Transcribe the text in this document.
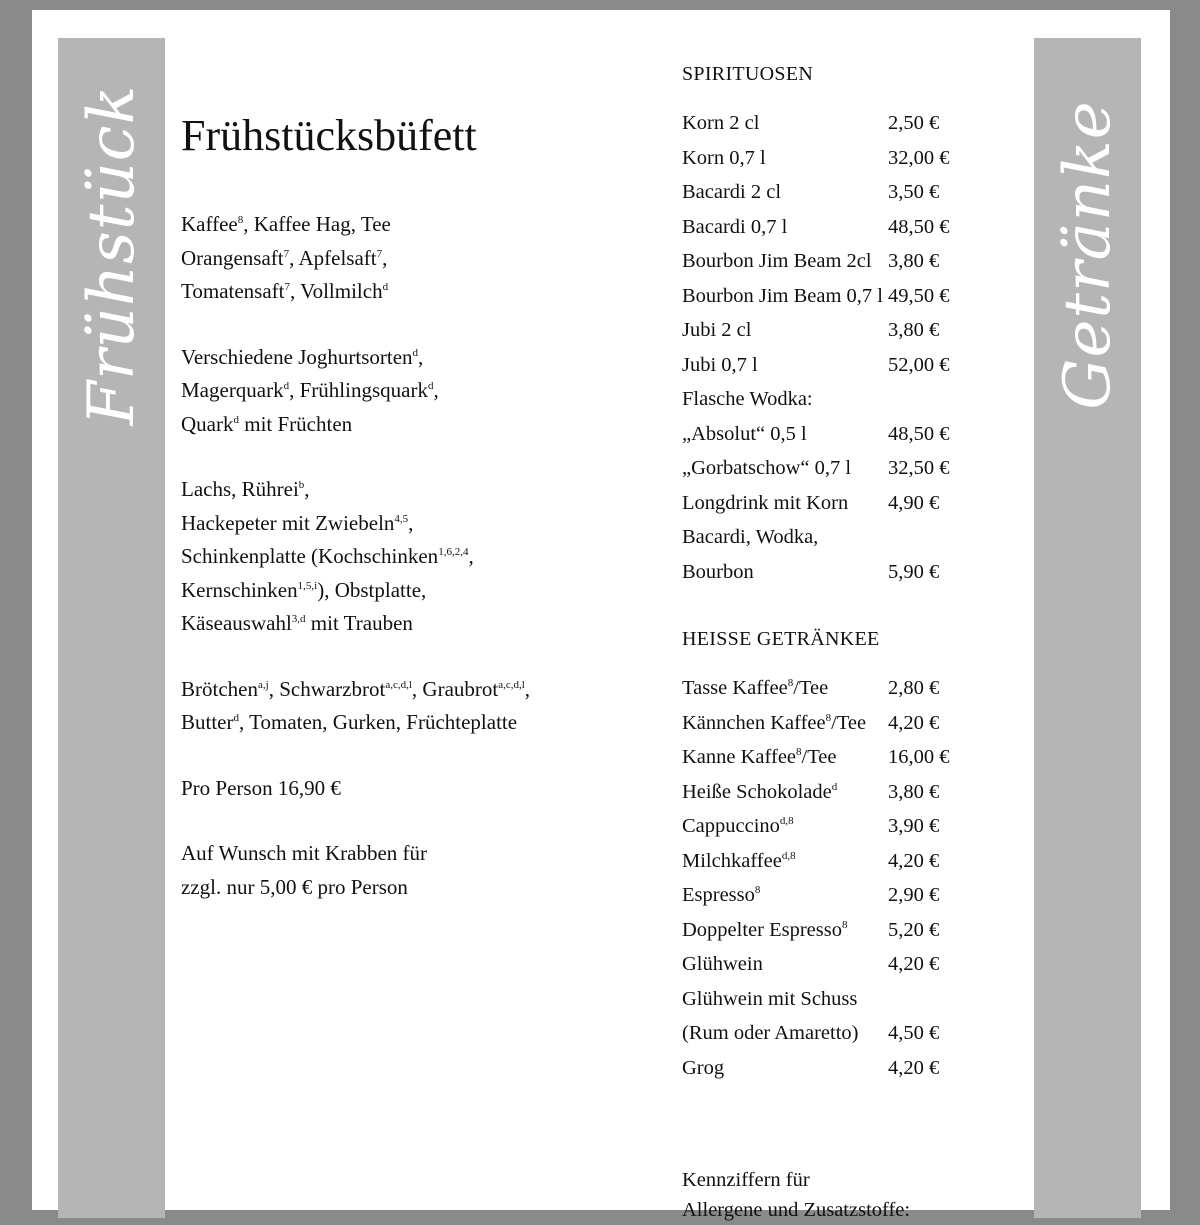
Frühstück	Getränke
Frühstücksbüfett
Kaffee$^8$, Kaffee Hag, Tee
Orangensaft$^7$, Apfelsaft$^7$,
Tomatensaft$^7$, Vollmilch$^d$
Verschiedene Joghurtsorten$^d$,
Magerquark$^d$, Frühlingsquark$^d$,
Quark$^d$ mit Früchten
Lachs, Rührei$^b$,
Hackepeter mit Zwiebeln$^{4,5}$,
Schinkenplatte (Kochschinken$^{1,6,2,4}$,
Kernschinken$^{1,5,i}$), Obstplatte,
Käseauswahl$^{3,d}$ mit Trauben
Brötchen$^{a,j}$, Schwarzbrot$^{a,c,d,l}$, Graubrot$^{a,c,d,l}$,
Butter$^d$, Tomaten, Gurken, Früchteplatte
Pro Person 16,90 €
Auf Wunsch mit Krabben für
zzgl. nur 5,00 € pro Person
SPIRITUOSEN
Korn 2 cl	2,50 €
Korn 0,7 l	32,00 €
Bacardi 2 cl	3,50 €
Bacardi 0,7 l	48,50 €
Bourbon Jim Beam 2cl 3,80 €
Bourbon Jim Beam 0,7 l 49,50 €
Jubi 2 cl	3,80 €
Jubi 0,7 l	52,00 €
Flasche Wodka:
„Absolut“ 0,5 l	48,50 €
„Gorbatschow“ 0,7 l	32,50 €
Longdrink mit Korn	4,90 €
Bacardi, Wodka,
Bourbon	5,90 €
HEISSE GETRÄNKEE
Tasse Kaffee$^8$/Tee	2,80 €
Kännchen Kaffee$^8$/Tee	4,20 €
Kanne Kaffee$^8$/Tee	16,00 €
Heiße Schokolade$^d$	3,80 €
Cappuccino$^{d,8}$	3,90 €
Milchkaffee$^{d,8}$	4,20 €
Espresso$^8$	2,90 €
Doppelter Espresso$^8$	5,20 €
Glühwein	4,20 €
Glühwein mit Schuss
(Rum oder Amaretto)	4,50 €
Grog	4,20 €
Kennziffern für
Allergene und Zusatzstoffe:
